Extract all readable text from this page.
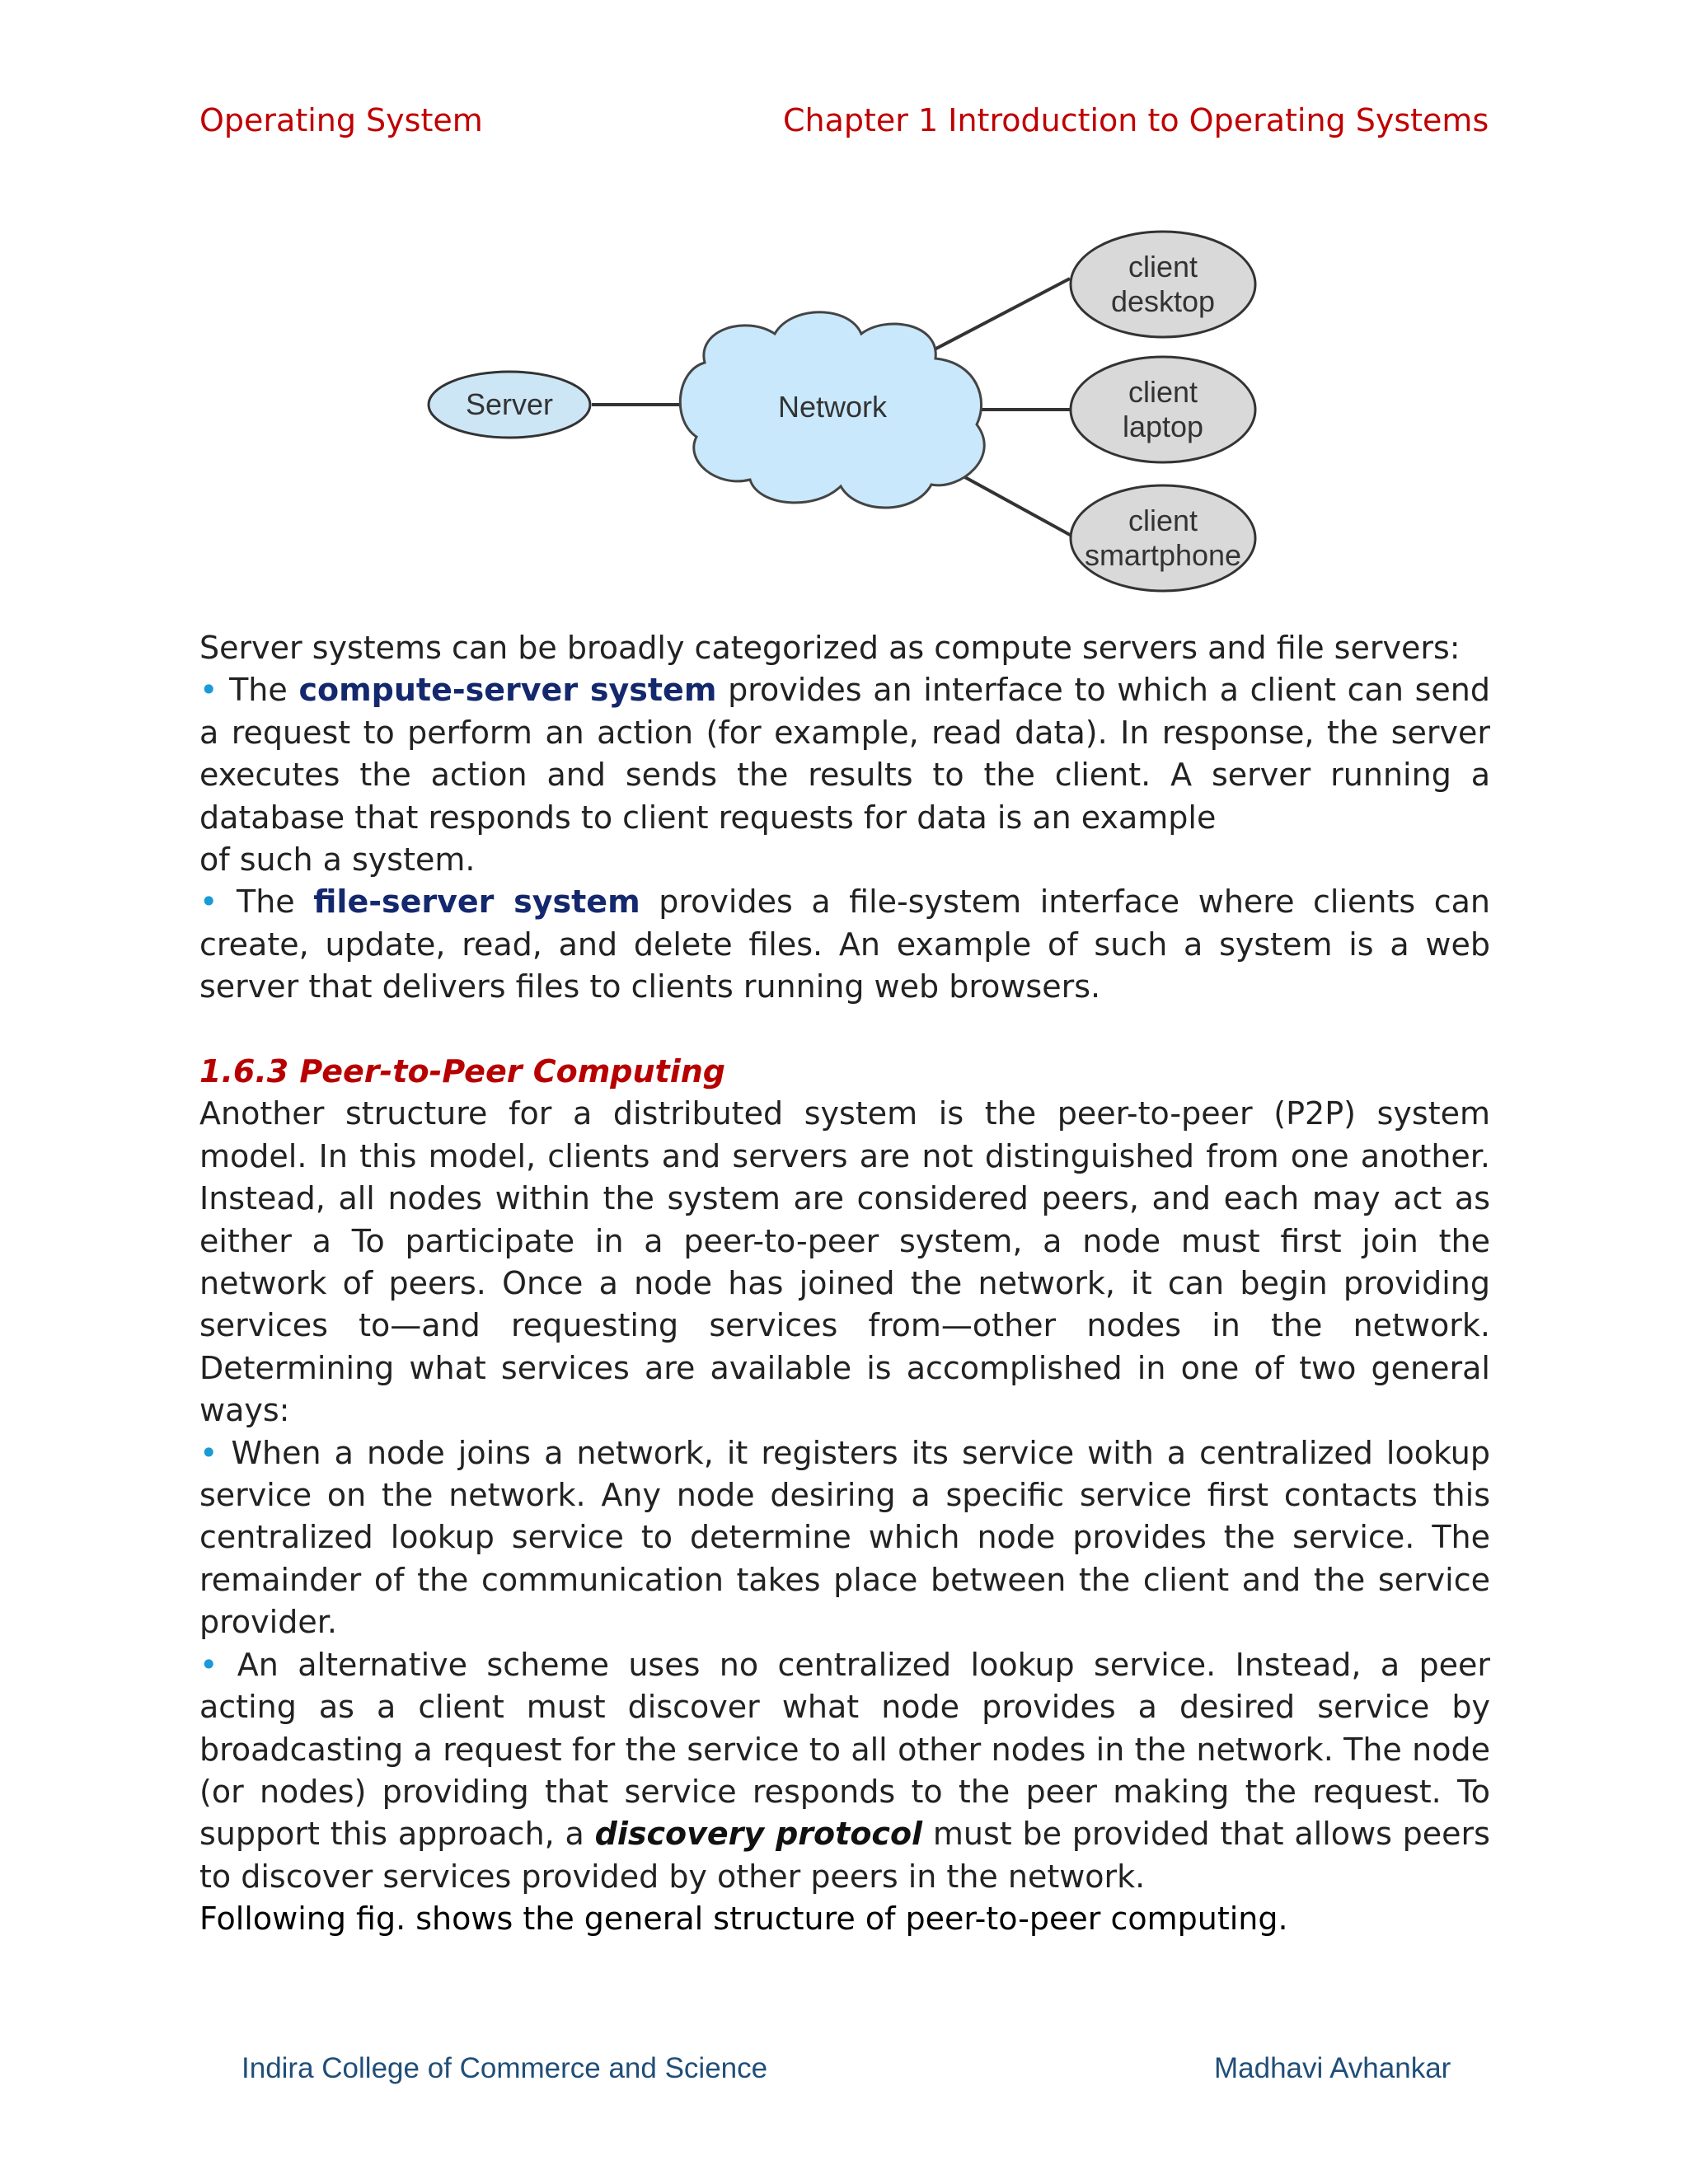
Operating System	Chapter 1 Introduction to Operating Systems
Server	Network
client
desktop
client
laptop
client
smartphone

Server systems can be broadly categorized as compute servers and file servers:

• The compute-server system provides an interface to which a client can send a request to perform an action (for example, read data). In response, the server executes the action and sends the results to the client. A server running a database that responds to client requests for data is an example

of such a system.

• The file-server system provides a file-system interface where clients can create, update, read, and delete files. An example of such a system is a web server that delivers files to clients running web browsers.

1.6.3 Peer-to-Peer Computing

Another structure for a distributed system is the peer-to-peer (P2P) system model. In this model, clients and servers are not distinguished from one another. Instead, all nodes within the system are considered peers, and each may act as either a To participate in a peer-to-peer system, a node must first join the network of peers. Once a node has joined the network, it can begin providing services to—and requesting services from—other nodes in the network. Determining what services are available is accomplished in one of two general ways:

• When a node joins a network, it registers its service with a centralized lookup service on the network. Any node desiring a specific service first contacts this centralized lookup service to determine which node provides the service. The remainder of the communication takes place between the client and the service provider.

• An alternative scheme uses no centralized lookup service. Instead, a peer acting as a client must discover what node provides a desired service by broadcasting a request for the service to all other nodes in the network. The node (or nodes) providing that service responds to the peer making the request. To support this approach, a discovery protocol must be provided that allows peers to discover services provided by other peers in the network.

Following fig. shows the general structure of peer-to-peer computing.

Indira College of Commerce and Science	Madhavi Avhankar
